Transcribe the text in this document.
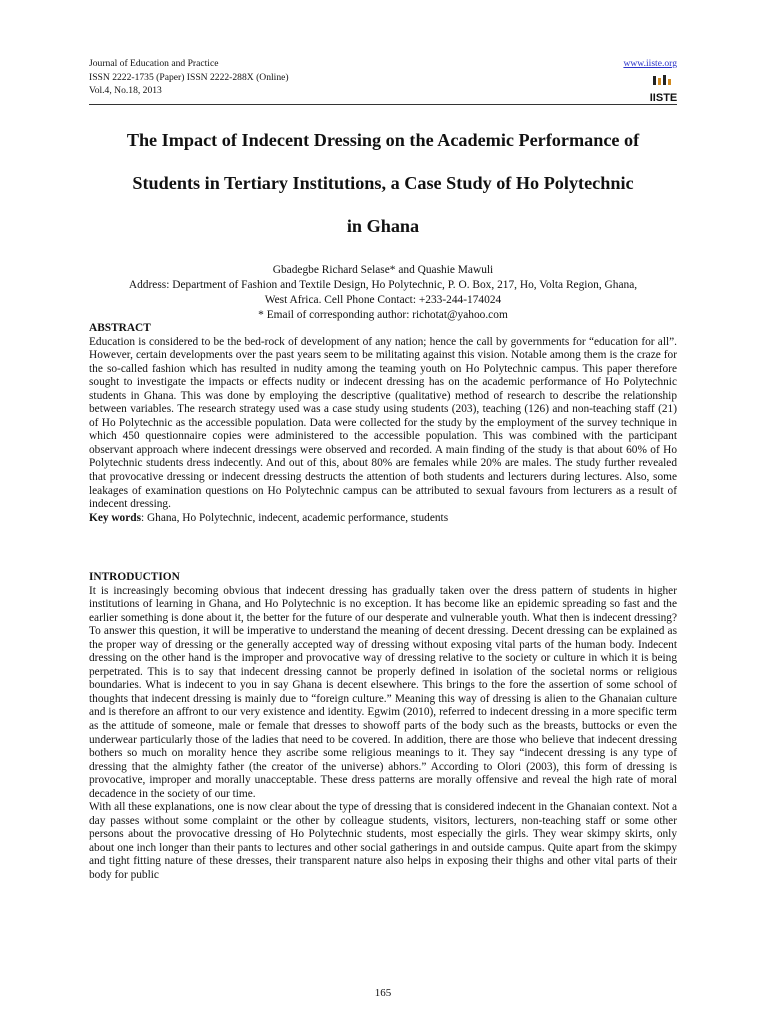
Journal of Education and Practice
ISSN 2222-1735 (Paper) ISSN 2222-288X (Online)
Vol.4, No.18, 2013
www.iiste.org
IISTE
The Impact of Indecent Dressing on the Academic Performance of
Students in Tertiary Institutions, a Case Study of Ho Polytechnic
in Ghana
Gbadegbe Richard Selase* and Quashie Mawuli
Address: Department of Fashion and Textile Design, Ho Polytechnic, P. O. Box, 217, Ho, Volta Region, Ghana,
West Africa. Cell Phone Contact: +233-244-174024
* Email of corresponding author: richotat@yahoo.com
ABSTRACT

Education is considered to be the bed-rock of development of any nation; hence the call by governments for “education for all”. However, certain developments over the past years seem to be militating against this vision. Notable among them is the craze for the so-called fashion which has resulted in nudity among the teaming youth on Ho Polytechnic campus. This paper therefore sought to investigate the impacts or effects nudity or indecent dressing has on the academic performance of Ho Polytechnic students in Ghana. This was done by employing the descriptive (qualitative) method of research to describe the relationship between variables. The research strategy used was a case study using students (203), teaching (126) and non-teaching staff (21) of Ho Polytechnic as the accessible population. Data were collected for the study by the employment of the survey technique in which 450 questionnaire copies were administered to the accessible population. This was combined with the participant observant approach where indecent dressings were observed and recorded. A main finding of the study is that about 60% of Ho Polytechnic students dress indecently. And out of this, about 80% are females while 20% are males. The study further revealed that provocative dressing or indecent dressing destructs the attention of both students and lecturers during lectures. Also, some leakages of examination questions on Ho Polytechnic campus can be attributed to sexual favours from lecturers as a result of indecent dressing.

Key words: Ghana, Ho Polytechnic, indecent, academic performance, students

INTRODUCTION

It is increasingly becoming obvious that indecent dressing has gradually taken over the dress pattern of students in higher institutions of learning in Ghana, and Ho Polytechnic is no exception. It has become like an epidemic spreading so fast and the earlier something is done about it, the better for the future of our desperate and vulnerable youth. What then is indecent dressing? To answer this question, it will be imperative to understand the meaning of decent dressing. Decent dressing can be explained as the proper way of dressing or the generally accepted way of dressing without exposing vital parts of the human body. Indecent dressing on the other hand is the improper and provocative way of dressing relative to the society or culture in which it is being perpetrated. This is to say that indecent dressing cannot be properly defined in isolation of the societal norms or religious boundaries. What is indecent to you in say Ghana is decent elsewhere. This brings to the fore the assertion of some school of thoughts that indecent dressing is mainly due to “foreign culture.” Meaning this way of dressing is alien to the Ghanaian culture and is therefore an affront to our very existence and identity. Egwim (2010), referred to indecent dressing in a more specific term as the attitude of someone, male or female that dresses to showoff parts of the body such as the breasts, buttocks or even the underwear particularly those of the ladies that need to be covered. In addition, there are those who believe that indecent dressing bothers so much on morality hence they ascribe some religious meanings to it. They say “indecent dressing is any type of dressing that the almighty father (the creator of the universe) abhors.” According to Olori (2003), this form of dressing is provocative, improper and morally unacceptable. These dress patterns are morally offensive and reveal the high rate of moral decadence in the society of our time.

With all these explanations, one is now clear about the type of dressing that is considered indecent in the Ghanaian context. Not a day passes without some complaint or the other by colleague students, visitors, lecturers, non-teaching staff or some other persons about the provocative dressing of Ho Polytechnic students, most especially the girls. They wear skimpy skirts, only about one inch longer than their pants to lectures and other social gatherings in and outside campus. Quite apart from the skimpy and tight fitting nature of these dresses, their transparent nature also helps in exposing their thighs and other vital parts of their body for public

165
